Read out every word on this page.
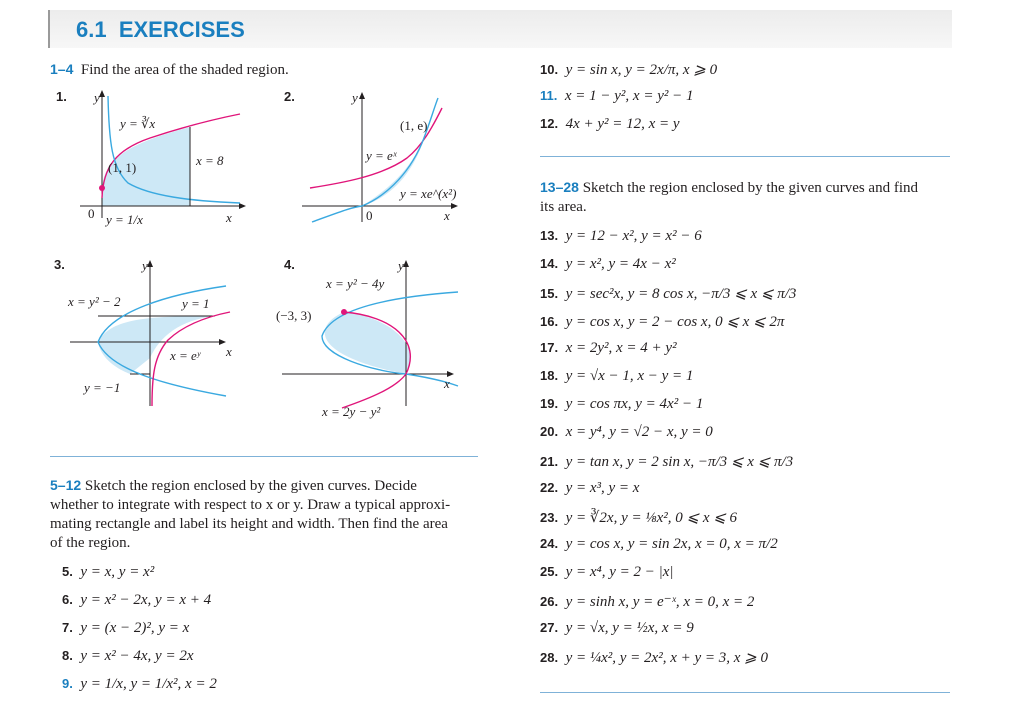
6.1 EXERCISES
1–4 Find the area of the shaded region.
1. y
x
0
y = ∛x
x = 8
(1, 1)
y = 1/x
2.	y
x
0
(1, e)
y = eˣ
y = xe^(x²)
3.	y
x
x = y² − 2	y = 1
x = eʸ
y = −1
4.	y
x
x = y² − 4y
(−3, 3)
x = 2y − y²
5–12 Sketch the region enclosed by the given curves. Decide
whether to integrate with respect to x or y. Draw a typical approxi-
mating rectangle and label its height and width. Then find the area
of the region.
5. y = x, y = x²
6. y = x² − 2x, y = x + 4
7. y = (x − 2)², y = x
8. y = x² − 4x, y = 2x
9. y = 1/x, y = 1/x², x = 2
10. y = sin x, y = 2x/π, x ⩾ 0
11. x = 1 − y², x = y² − 1
12. 4x + y² = 12, x = y
13–28 Sketch the region enclosed by the given curves and find
its area.
13. y = 12 − x², y = x² − 6
14. y = x², y = 4x − x²
15. y = sec²x, y = 8 cos x, −π/3 ⩽ x ⩽ π/3
16. y = cos x, y = 2 − cos x, 0 ⩽ x ⩽ 2π
17. x = 2y², x = 4 + y²
18. y = √x − 1, x − y = 1
19. y = cos πx, y = 4x² − 1
20. x = y⁴, y = √2 − x, y = 0
21. y = tan x, y = 2 sin x, −π/3 ⩽ x ⩽ π/3
22. y = x³, y = x
23. y = ∛2x, y = ⅛x², 0 ⩽ x ⩽ 6
24. y = cos x, y = sin 2x, x = 0, x = π/2
25. y = x⁴, y = 2 − |x|
26. y = sinh x, y = e⁻ˣ, x = 0, x = 2
27. y = √x, y = ½x, x = 9
28. y = ¼x², y = 2x², x + y = 3, x ⩾ 0
